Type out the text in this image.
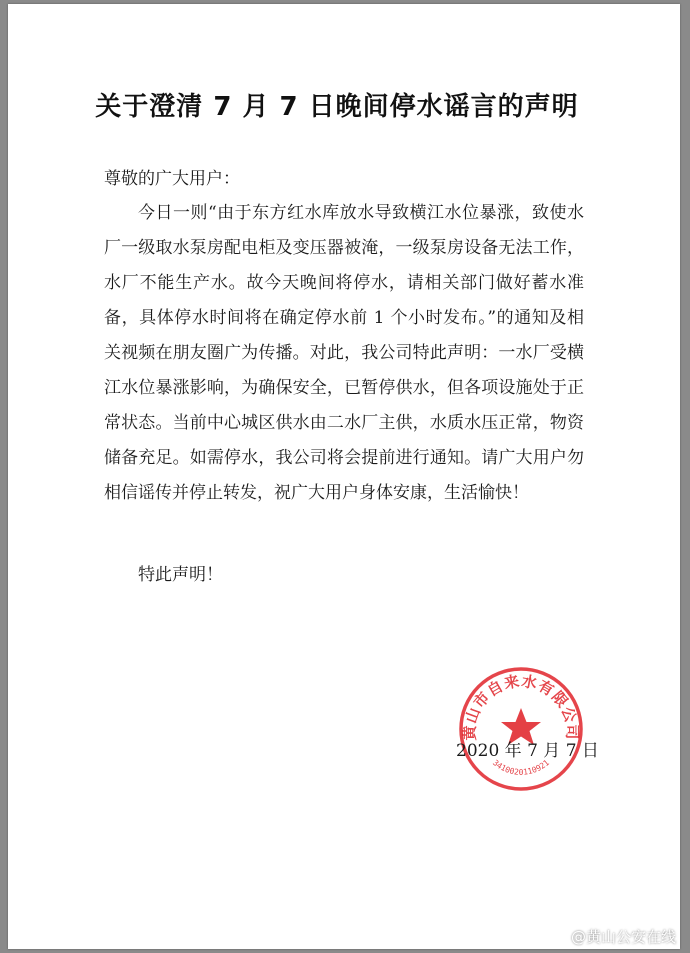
关于澄清 7 月 7 日晚间停水谣言的声明
尊敬的广大用户：
今日一则“由于东方红水库放水导致横江水位暴涨，致使水厂一级取水泵房配电柜及变压器被淹，一级泵房设备无法工作，水厂不能生产水。故今天晚间将停水，请相关部门做好蓄水准备，具体停水时间将在确定停水前 1 个小时发布。”的通知及相关视频在朋友圈广为传播。对此，我公司特此声明：一水厂受横江水位暴涨影响，为确保安全，已暂停供水，但各项设施处于正常状态。当前中心城区供水由二水厂主供，水质水压正常，物资储备充足。如需停水，我公司将会提前进行通知。请广大用户勿相信谣传并停止转发，祝广大用户身体安康，生活愉快！
特此声明！
黄山市自来水有限公司
3410020110921
2020 年 7 月 7 日
@黄山公安在线
